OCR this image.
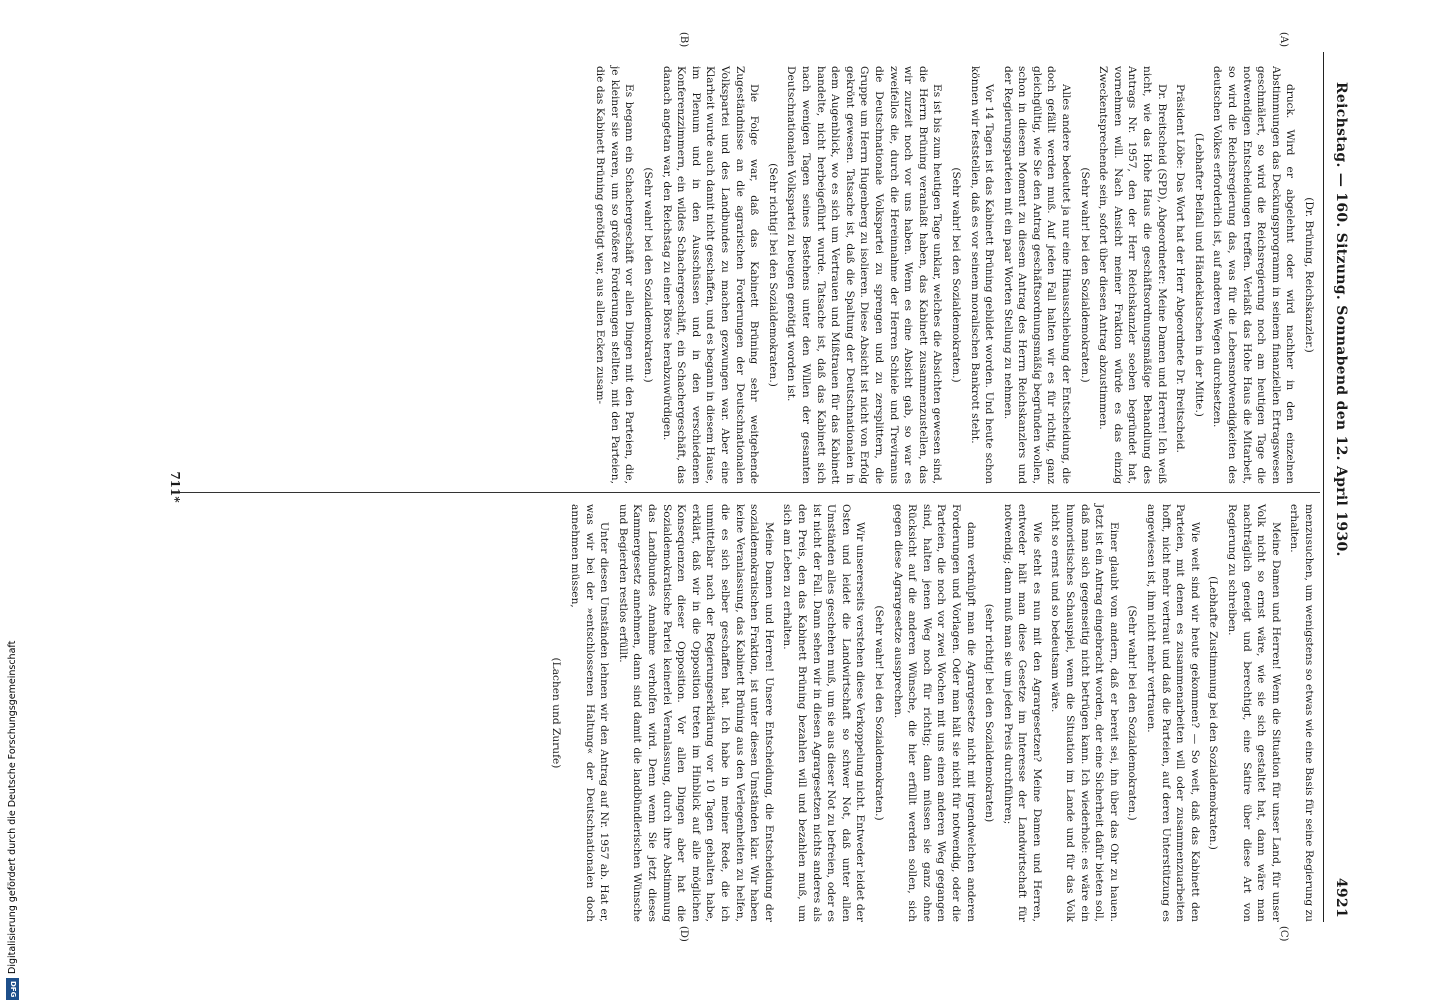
Reichstag. — 160. Sitzung. Sonnabend den 12. April 1930.
4921
(A)
(B)
(C)
(D)

(Dr. Brüning, Reichskanzler.)

druck. Wird er abgelehnt oder wird nachher in den einzelnen Abstimmungen das Deckungsprogramm in seinem finanziellen Ertragswesen geschmälert, so wird die Reichsregierung noch am heutigen Tage die notwendigen Entscheidungen treffen. Verlaßt das Hohe Haus die Mitarbeit, so wird die Reichsregierung das, was für die Lebensnotwendigkeiten des deutschen Volkes erforderlich ist, auf anderen Wegen durchsetzen.

(Lebhafter Beifall und Händeklatschen in der Mitte.)

Präsident Löbe: Das Wort hat der Herr Abgeordnete Dr. Breitscheid.

Dr. Breitscheid (SPD), Abgeordneter: Meine Damen und Herren! Ich weiß nicht, wie das Hohe Haus die geschäftsordnungsmäßige Behandlung des Antrags Nr. 1957, den der Herr Reichskanzler soeben begründet hat, vornehmen will. Nach Ansicht meiner Fraktion würde es das einzig Zweckentsprechende sein, sofort über diesen Antrag abzustimmen.

(Sehr wahr! bei den Sozialdemokraten.)

Alles andere bedeutet ja nur eine Hinausschiebung der Entscheidung, die doch gefällt werden muß. Auf jeden Fall halten wir es für richtig, ganz gleichgültig, wie Sie den Antrag geschäftsordnungsmäßig begründen wollen, schon in diesem Moment zu diesem Antrag des Herrn Reichskanzlers und der Regierungsparteien mit ein paar Worten Stellung zu nehmen.

Vor 14 Tagen ist das Kabinett Brüning gebildet worden. Und heute schon können wir feststellen, daß es vor seinem moralischen Bankrott steht.

(Sehr wahr! bei den Sozialdemokraten.)

Es ist bis zum heutigen Tage unklar, welches die Absichten gewesen sind, die Herrn Brüning veranlaßt haben, das Kabinett zusammenzustellen, das wir zurzeit noch vor uns haben. Wenn es eine Absicht gab, so war es zweifellos die, durch die Hereinnahme der Herren Schiele und Treviranus die Deutschnationale Volkspartei zu sprengen und zu zersplittern, die Gruppe um Herrn Hugenberg zu isolieren. Diese Absicht ist nicht von Erfolg gekrönt gewesen. Tatsache ist, daß die Spaltung der Deutschnationalen in dem Augenblick, wo es sich um Vertrauen und Mißtrauen für das Kabinett handelte, nicht herbeigeführt wurde. Tatsache ist, daß das Kabinett sich nach wenigen Tagen seines Bestehens unter den Willen der gesamten Deutschnationalen Volkspartei zu beugen genötigt worden ist.

(Sehr richtig! bei den Sozialdemokraten.)

Die Folge war, daß das Kabinett Brüning sehr weitgehende Zugeständnisse an die agrarischen Forderungen der Deutschnationalen Volkspartei und des Landbundes zu machen gezwungen war. Aber eine Klarheit wurde auch damit nicht geschaffen, und es begann in diesem Hause, im Plenum und in den Ausschüssen und in den verschiedenen Konferenzzimmern, ein wildes Schachergeschäft, ein Schachergeschäft, das danach angetan war, den Reichstag zu einer Börse herabzuwürdigen.

(Sehr wahr! bei den Sozialdemokraten.)

Es begann ein Schachergeschäft vor allen Dingen mit den Parteien, die, je kleiner sie waren, um so größere Forderungen stellten, mit den Parteien, die das Kabinett Brüning genötigt war, aus allen Ecken zusam-

menzusuchen, um wenigstens so etwas wie eine Basis für seine Regierung zu erhalten.

Meine Damen und Herren! Wenn die Situation für unser Land, für unser Volk nicht so ernst wäre, wie sie sich gestaltet hat, dann wäre man nachträglich geneigt und berechtigt, eine Satire über diese Art von Regierung zu schreiben.

(Lebhafte Zustimmung bei den Sozialdemokraten.)

Wie weit sind wir heute gekommen? — So weit, daß das Kabinett den Parteien, mit denen es zusammenarbeiten will oder zusammenzuarbeiten hofft, nicht mehr vertraut und daß die Parteien, auf deren Unterstützung es angewiesen ist, ihm nicht mehr vertrauen.

(Sehr wahr! bei den Sozialdemokraten.)

Einer glaubt vom andern, daß er bereit sei, ihn über das Ohr zu hauen. Jetzt ist ein Antrag eingebracht worden, der eine Sicherheit dafür bieten soll, daß man sich gegenseitig nicht betrügen kann. Ich wiederhole: es wäre ein humoristisches Schauspiel, wenn die Situation im Lande und für das Volk nicht so ernst und so bedeutsam wäre.

Wie steht es nun mit den Agrargesetzen? Meine Damen und Herren, entweder hält man diese Gesetze im Interesse der Landwirtschaft für notwendig; dann muß man sie um jeden Preis durchführen;

(sehr richtig! bei den Sozialdemokraten)

dann verknüpft man die Agrargesetze nicht mit irgendwelchen anderen Forderungen und Vorlagen. Oder man hält sie nicht für notwendig, oder die Parteien, die noch vor zwei Wochen mit uns einen anderen Weg gegangen sind, halten jenen Weg noch für richtig; dann müssen sie ganz ohne Rücksicht auf die anderen Wünsche, die hier erfüllt werden sollen, sich gegen diese Agrargesetze aussprechen.

(Sehr wahr! bei den Sozialdemokraten.)

Wir unsererseits verstehen diese Verkoppelung nicht. Entweder leidet der Osten und leidet die Landwirtschaft so schwer Not, daß unter allen Umständen alles geschehen muß, um sie aus dieser Not zu befreien, oder es ist nicht der Fall. Dann sehen wir in diesen Agrargesetzen nichts anderes als den Preis, den das Kabinett Brüning bezahlen will und bezahlen muß, um sich am Leben zu erhalten.

Meine Damen und Herren! Unsere Entscheidung, die Entscheidung der sozialdemokratischen Fraktion, ist unter diesen Umständen klar. Wir haben keine Veranlassung, das Kabinett Brüning aus den Verlegenheiten zu helfen, die es sich selber geschaffen hat. Ich habe in meiner Rede, die ich unmittelbar nach der Regierungserklärung vor 10 Tagen gehalten habe, erklärt, daß wir in die Opposition treten im Hinblick auf alle möglichen Konsequenzen dieser Opposition. Vor allen Dingen aber hat die Sozialdemokratische Partei keinerlei Veranlassung, durch ihre Abstimmung das Landbundes Annahme verholfen wird. Denn wenn Sie jetzt dieses Kammergesetz annehmen, dann sind damit die landbündlerischen Wünsche und Begierden restlos erfüllt.

Unter diesen Umständen lehnen wir den Antrag auf Nr. 1957 ab. Hat er, was wir bei der »entschlossenen Haltung« der Deutschnationalen doch annehmen müssen,

(Lachen und Zurufe)

711*
Digitalisierung gefördert durch die Deutsche Forschungsgemeinschaft
DFG
